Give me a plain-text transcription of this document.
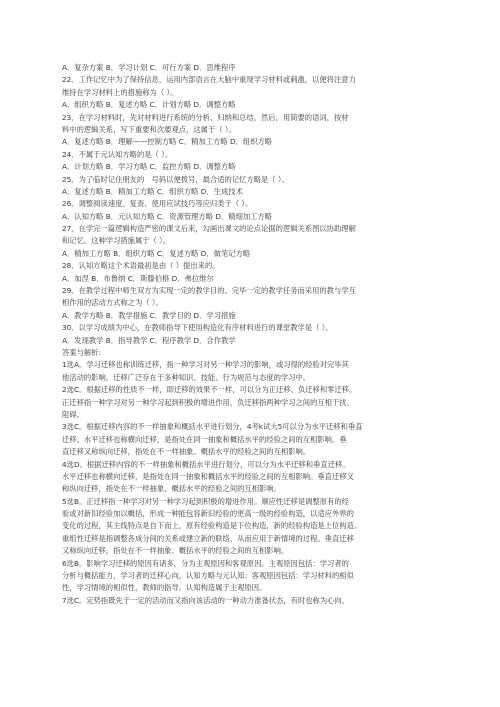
A．复杂方案 B．学习计划 C．可行方案 D．思维程序
22．工作记忆中为了保持信息，运用内部语言在大脑中重现学习材料或刺激，以便将注意力
维持在学习材料上的措施称为（ ）。
A．组织方略 B．复述方略 C．计划方略 D．调整方略
23．在学习材料时，先对材料进行系统的分析、归纳和总结，然后，用简要的语词，按材
料中的逻辑关系，写下重要和次要观点，这属于（ ）。
A．复述方略 B．理解——控制方略 C．精加工方略 D．组织方略
24．不属于元认知方略的是（ ）。
A．计划方略 B．学习方略 C．监控方略 D．调整方略
25．为了临时记住朋友的　号码以便拨号，最合适的记忆方略是（ ）。
A．复述方略 B．精加工方略 C．组织方略 D．生成技术
26．调整阅读速度、复查、使用应试技巧等应归类于（ ）。
A．认知方略 B．元认知方略 C．资源管理方略 D．精细加工方略
27．在学完一篇逻辑构造严密的课文后来，勾画出课文的论点论据的逻辑关系图以协助理解
和记忆。这种学习措施属于（ ）。
A．精加工方略 B．组织方略 C．复述方略 D．做笔记方略
28．认知方略这个术语最初是由（ ）提出来的。
A．加涅 B．布鲁纳 C．斯滕伯格 D．弗拉维尔
29．在教学过程中师生双方为实现一定的教学目的、完毕一定的教学任务而采用的教与学互
相作用的活动方式称之为（ ）。
A．教学方略 B．教学措施 C．教学目的 D．学习措施
30．以学习成绩为中心，在教师指导下使用构造化有序材料进行的课堂教学是（ ）。
A．发现教学 B．指导教学 C．程序教学 D．合作教学
答案与解析:
1选A。学习迁移也称训练迁移，指一种学习对另一种学习的影响，或习得的经验对完毕其
他活动的影响。迁移广泛存在于多种知识、技能、行为规范与态度的学习中。
2选C。根据迁移的性质不一样，即迁移的效果不一样，可以分为正迁移、负迁移和零迁移。
正迁移指一种学习对另一种学习起到积极的增进作用，负迁移指两种学习之间的互相干扰、
阻碍。
3选C。根据迁移内容的不一样抽象和概括水平进行划分，4考k试大5可以分为水平迁移和垂直
迁移。水平迁移也称横向迁移，是指处在同一抽象和概括水平的经验之间的互相影响。垂
直迁移又称纵向迁移，指处在不一样抽象、概括水平的经验之间的互相影响。
4选D。根据迁移内容的不一样抽象和概括水平进行划分，可以分为水平迁移和垂直迁移。
水平迁移也称横向迁移，是指处在同一抽象和概括水平的经验之间的互相影响。垂直迁移又
称纵向迁移，指处在不一样抽象、概括水平的经验之间的互相影响。
5选B。正迁移指一种学习对另一种学习起到积极的增进作用。顺应性迁移是调整原有的经
验或对新旧经验加以概括，形成一种能包容新旧经验的更高一级的经验构造，以适应外界的
变化的过程，其主线特点是自下而上，原有经验构造是下位构造，新的经验构造是上位构造。
重组性迁移是指调整各成分间的关系或建立新的联络，从而应用于新情境的过程。垂直迁移
又称纵向迁移，指处在不一样抽象、概括水平的经验之间的互相影响。
6选B。影响学习迁移的原因有诸多，分为主观原因和客观原因。主观原因包括：学习者的
分析与概括能力，学习者的迁移心向，认知方略与元认知；客观原因包括：学习材料的相似
性，学习情境的相似性，教师的指导。认知构造属于主观原因。
7选C。定势指既先于一定的活动而又指向该活动的一种动力准备状态，有时也称为心向。
